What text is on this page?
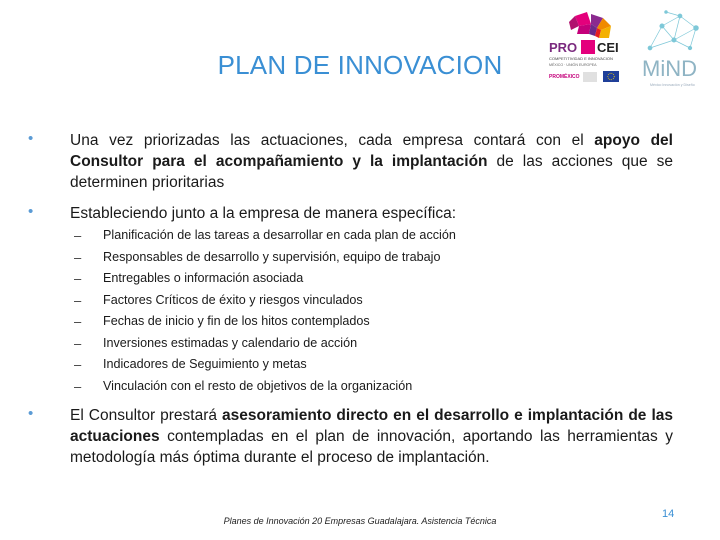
PLAN DE INNOVACION
PRO CEI
COMPETITIVIDAD E INNOVACION
MÉXICO · UNIÓN EUROPEA
PROMÉXICO	MiND
México Innovación y Diseño
• Una vez priorizadas las actuaciones, cada empresa contará con el apoyo del Consultor para el acompañamiento y la implantación de las acciones que se determinen prioritarias
• Estableciendo junto a la empresa de manera específica:
– Planificación de las tareas a desarrollar en cada plan de acción
– Responsables de desarrollo y supervisión, equipo de trabajo
– Entregables o información asociada
– Factores Críticos de éxito y riesgos vinculados
– Fechas de inicio y fin de los hitos contemplados
– Inversiones estimadas y calendario de acción
– Indicadores de Seguimiento y metas
– Vinculación con el resto de objetivos de la organización
• El Consultor prestará asesoramiento directo en el desarrollo e implantación de las actuaciones contempladas en el plan de innovación, aportando las herramientas y metodología más óptima durante el proceso de implantación.
Planes de Innovación 20 Empresas Guadalajara. Asistencia Técnica
14
